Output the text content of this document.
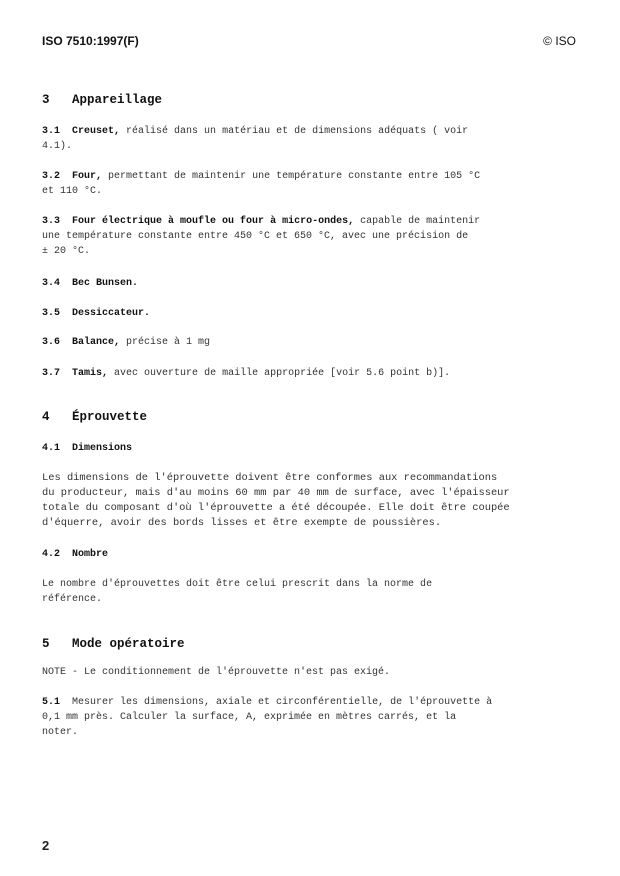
ISO 7510:1997(F)	© ISO
3   Appareillage
3.1 Creuset, réalisé dans un matériau et de dimensions adéquats ( voir
4.1).
3.2 Four, permettant de maintenir une température constante entre 105 °C
et 110 °C.
3.3 Four électrique à moufle ou four à micro-ondes, capable de maintenir
une température constante entre 450 °C et 650 °C, avec une précision de
± 20 °C.
3.4 Bec Bunsen.
3.5 Dessiccateur.
3.6 Balance, précise à 1 mg
3.7 Tamis, avec ouverture de maille appropriée [voir 5.6 point b)].
4   Éprouvette
4.1  Dimensions
Les dimensions de l'éprouvette doivent être conformes aux recommandations
du producteur, mais d'au moins 60 mm par 40 mm de surface, avec l'épaisseur
totale du composant d'où l'éprouvette a été découpée. Elle doit être coupée
d'équerre, avoir des bords lisses et être exempte de poussières.
4.2  Nombre
Le nombre d'éprouvettes doit être celui prescrit dans la norme de
référence.
5   Mode opératoire
NOTE - Le conditionnement de l'éprouvette n'est pas exigé.
5.1  Mesurer les dimensions, axiale et circonférentielle, de l'éprouvette à
0,1 mm près. Calculer la surface, A, exprimée en mètres carrés, et la
noter.
2
